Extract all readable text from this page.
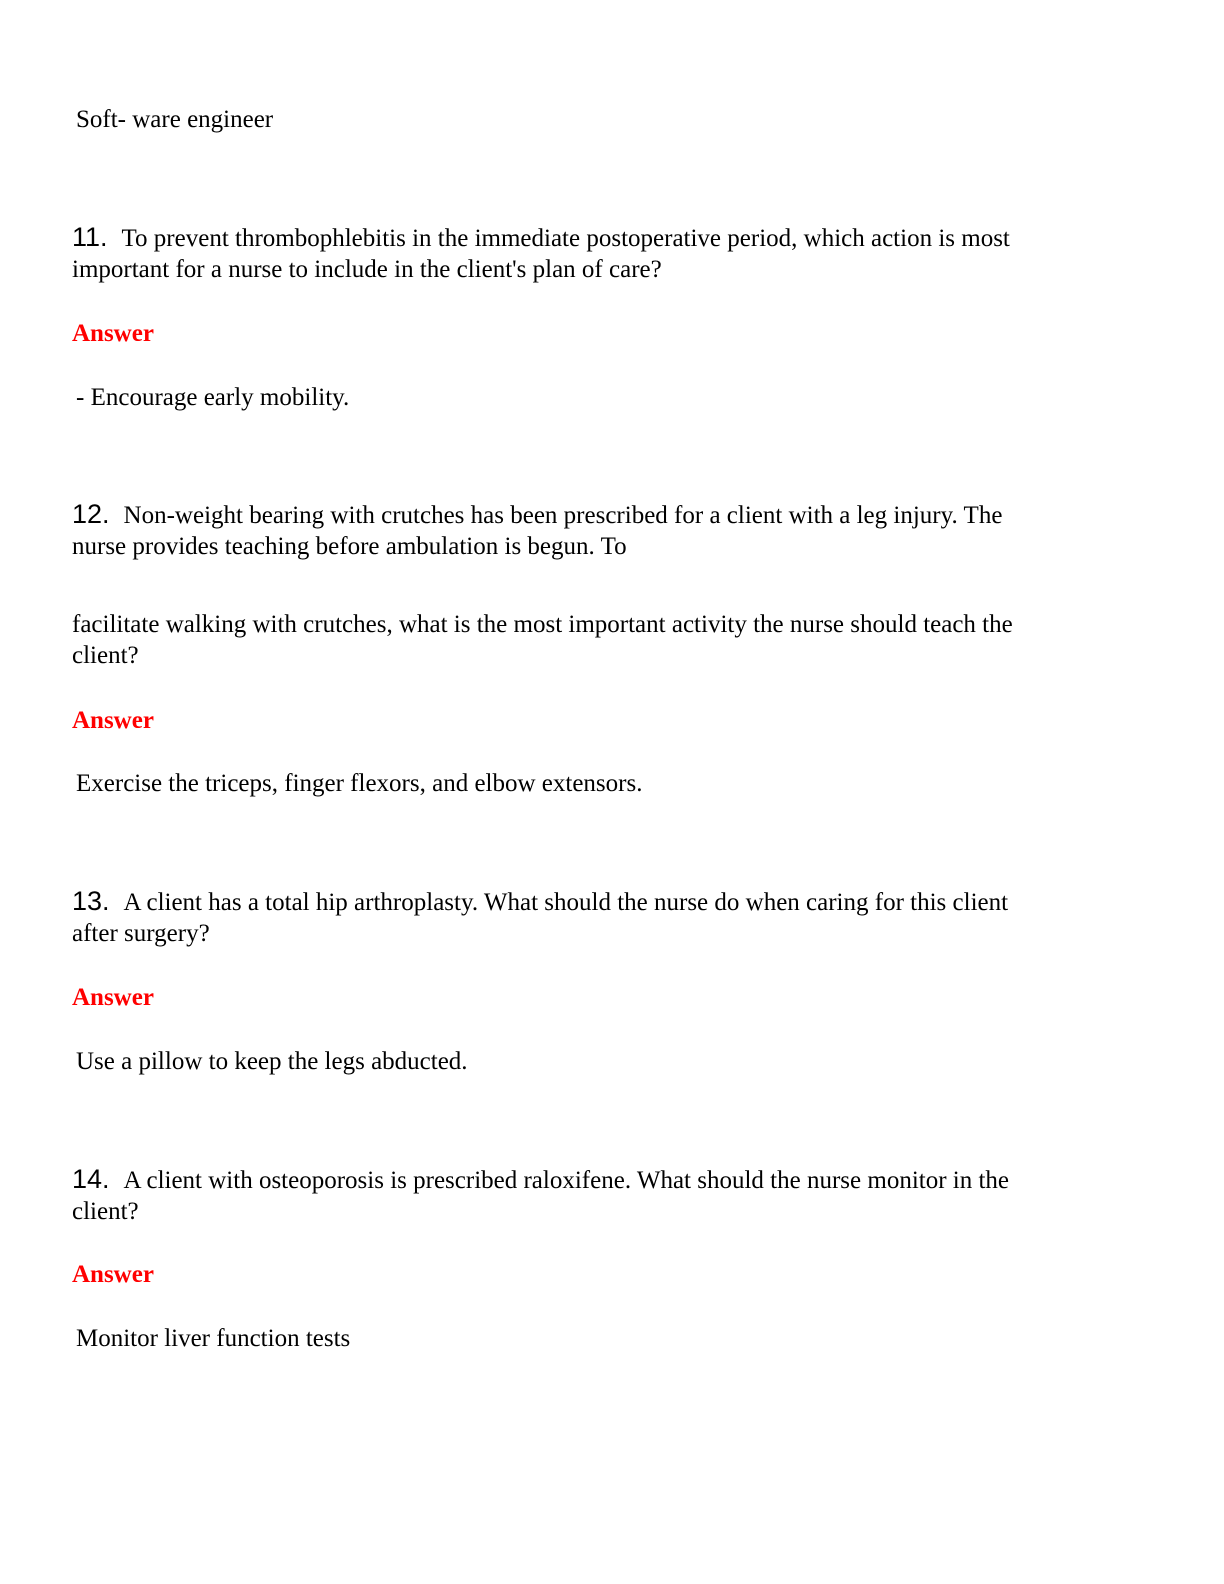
Soft- ware engineer
11. To prevent thrombophlebitis in the immediate postoperative period, which action is most
important for a nurse to include in the client's plan of care?
Answer
- Encourage early mobility.
12. Non-weight bearing with crutches has been prescribed for a client with a leg injury. The
nurse provides teaching before ambulation is begun. To
facilitate walking with crutches, what is the most important activity the nurse should teach the
client?
Answer
Exercise the triceps, finger flexors, and elbow extensors.
13. A client has a total hip arthroplasty. What should the nurse do when caring for this client
after surgery?
Answer
Use a pillow to keep the legs abducted.
14. A client with osteoporosis is prescribed raloxifene. What should the nurse monitor in the
client?
Answer
Monitor liver function tests
